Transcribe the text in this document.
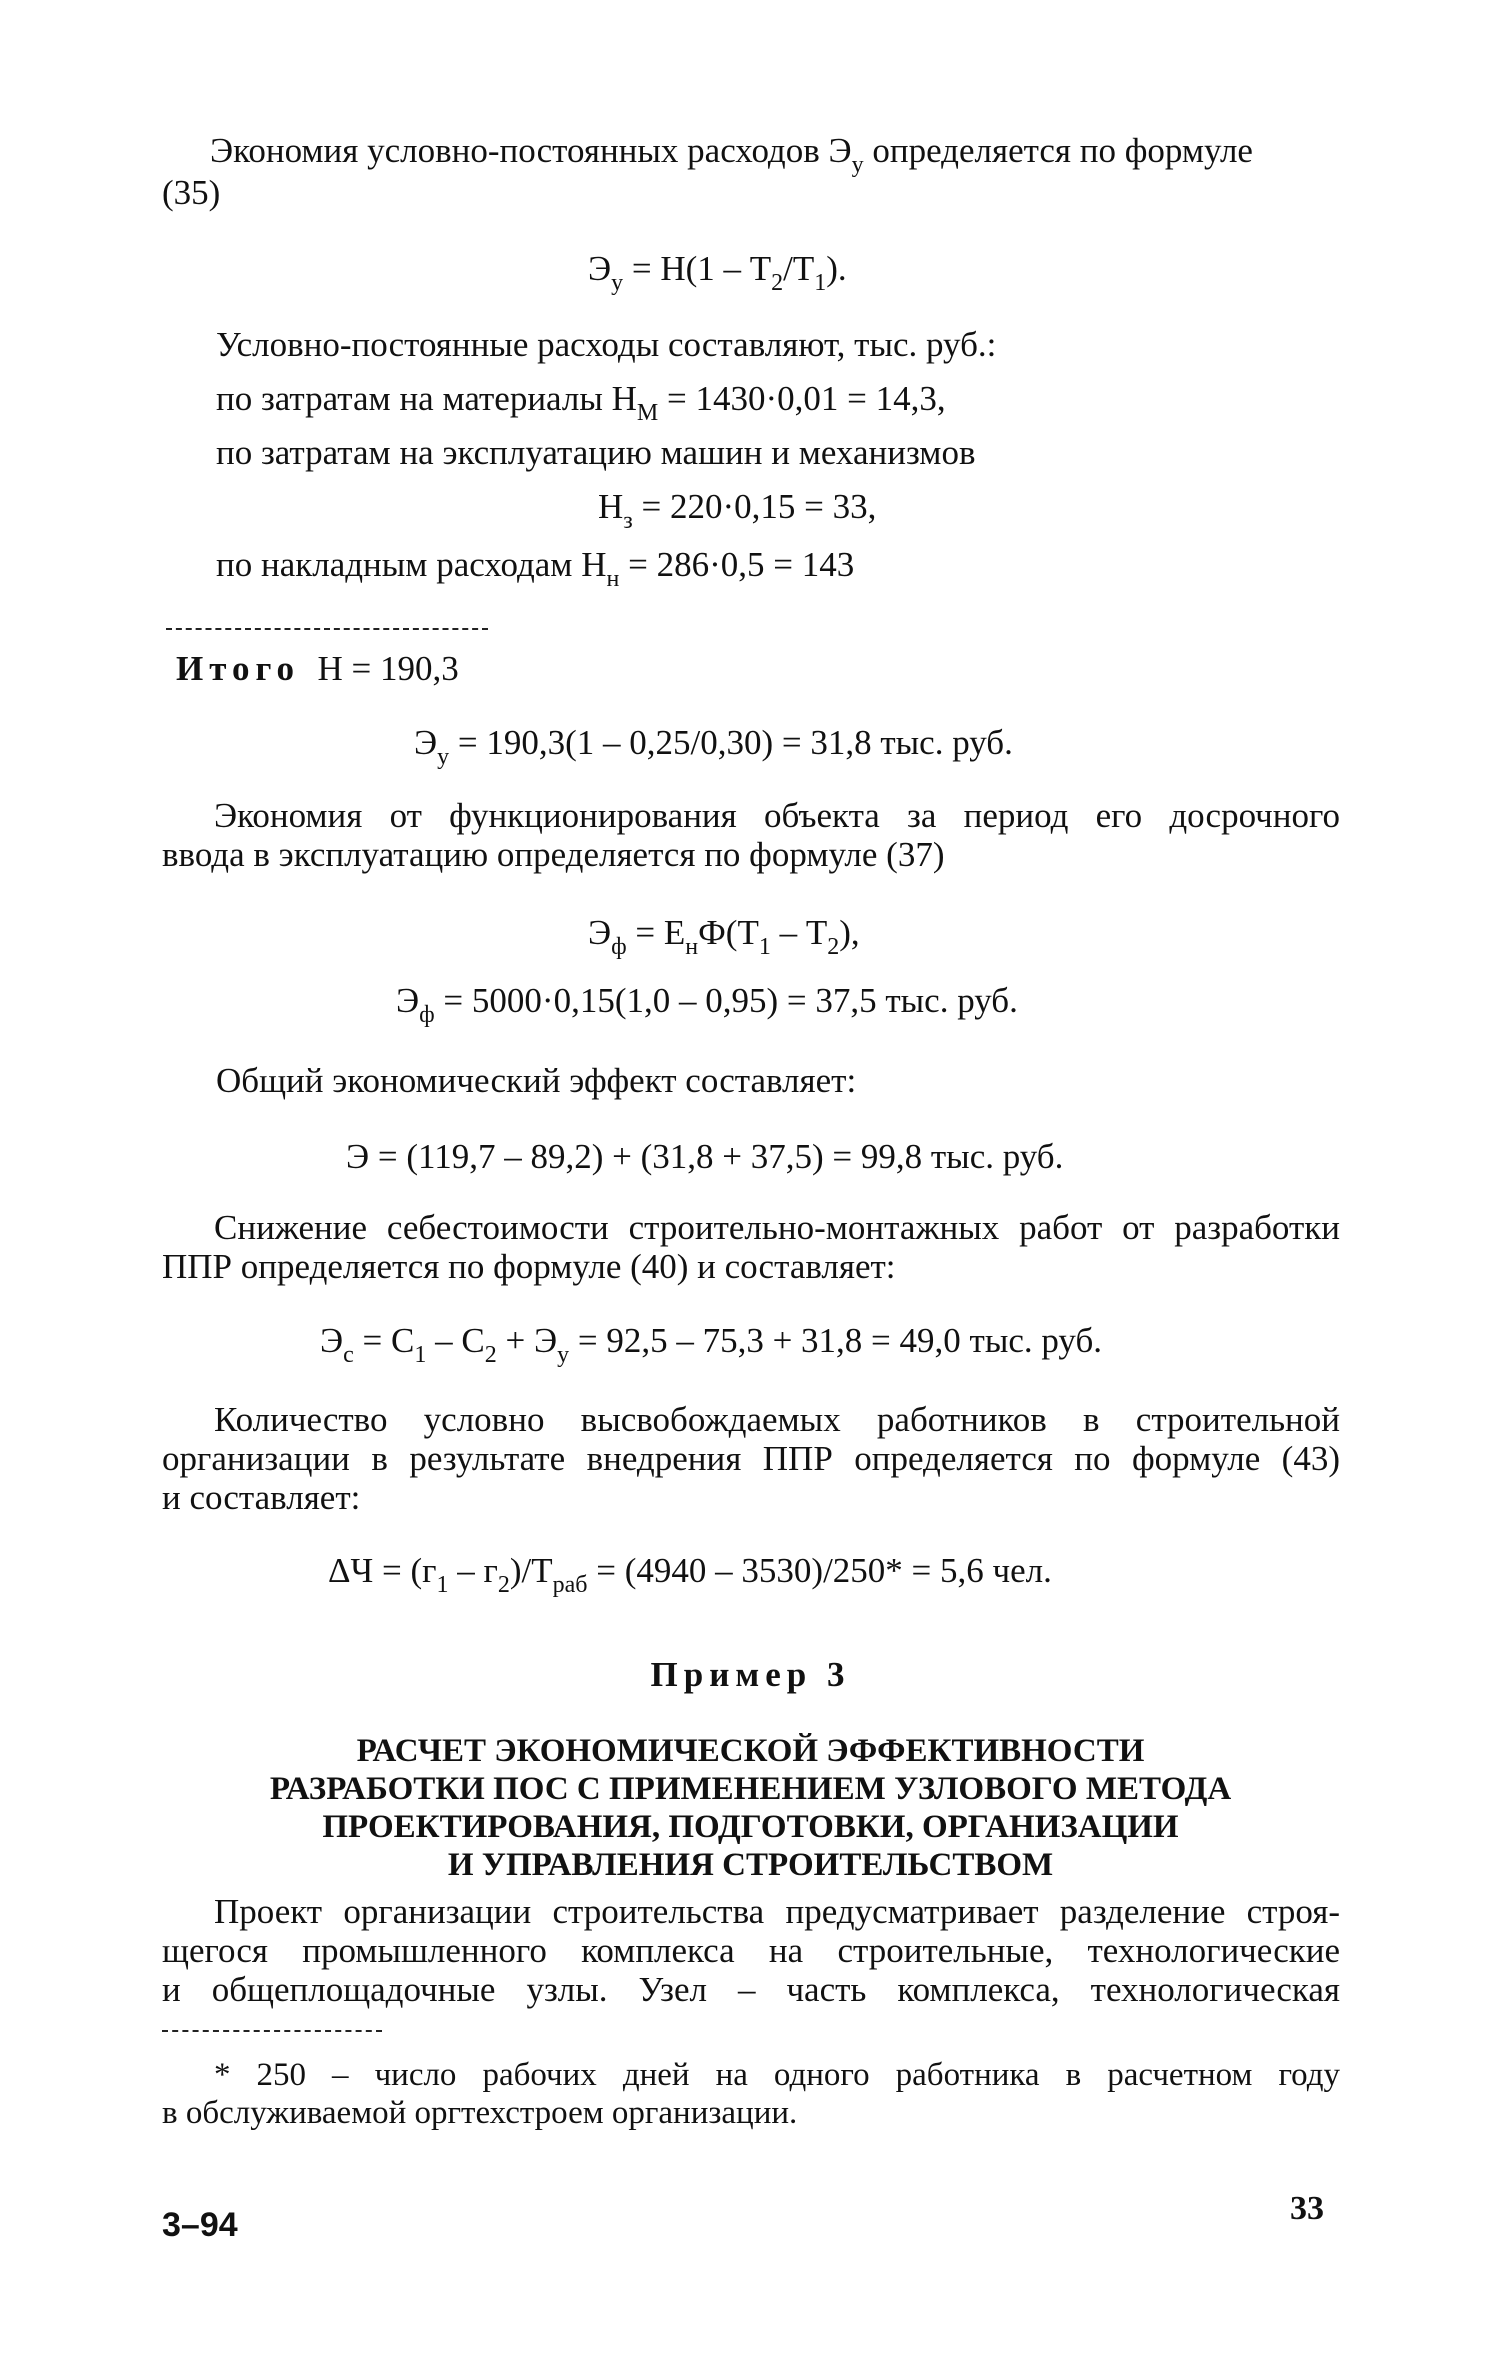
Экономия условно-постоянных расходов $Э_у$ определяется по формуле
(35)
$Э_у = Н(1 - Т_2/Т_1)$.
Условно-постоянные расходы составляют, тыс. руб.:
по затратам на материалы $Н_М = 1430\cdot 0,01 = 14,3$,
по затратам на эксплуатацию машин и механизмов
$Н_з = 220\cdot 0,15 = 33$,
по накладным расходам $Н_н = 286\cdot 0,5 = 143$
Итого Н = 190,3
$Э_у = 190,3(1 - 0,25/0,30) = 31,8$ тыс. руб.
Экономия от функционирования объекта за период его досрочного
ввода в эксплуатацию определяется по формуле (37)
$Э_ф = Е_нФ(Т_1 - Т_2)$,
$Э_ф = 5000\cdot 0,15(1,0 - 0,95) = 37,5$ тыс. руб.
Общий экономический эффект составляет:
Э = (119,7 – 89,2) + (31,8 + 37,5) = 99,8 тыс. руб.
Снижение себестоимости строительно-монтажных работ от разработки
ППР определяется по формуле (40) и составляет:
$Э_с = С_1 - С_2 + Э_у = 92,5 - 75,3 + 31,8 = 49,0$ тыс. руб.
Количество условно высвобождаемых работников в строительной
организации в результате внедрения ППР определяется по формуле (43)
и составляет:
$\Delta Ч = (г_1 - г_2)/Т_{раб} = (4940 - 3530)/250* = 5,6$ чел.
Пример 3
РАСЧЕТ ЭКОНОМИЧЕСКОЙ ЭФФЕКТИВНОСТИ
РАЗРАБОТКИ ПОС С ПРИМЕНЕНИЕМ УЗЛОВОГО МЕТОДА
ПРОЕКТИРОВАНИЯ, ПОДГОТОВКИ, ОРГАНИЗАЦИИ
И УПРАВЛЕНИЯ СТРОИТЕЛЬСТВОМ
Проект организации строительства предусматривает разделение строя-
щегося промышленного комплекса на строительные, технологические
и общеплощадочные узлы. Узел – часть комплекса, технологическая
* 250 – число рабочих дней на одного работника в расчетном году
в обслуживаемой оргтехстроем организации.
3–94	33
